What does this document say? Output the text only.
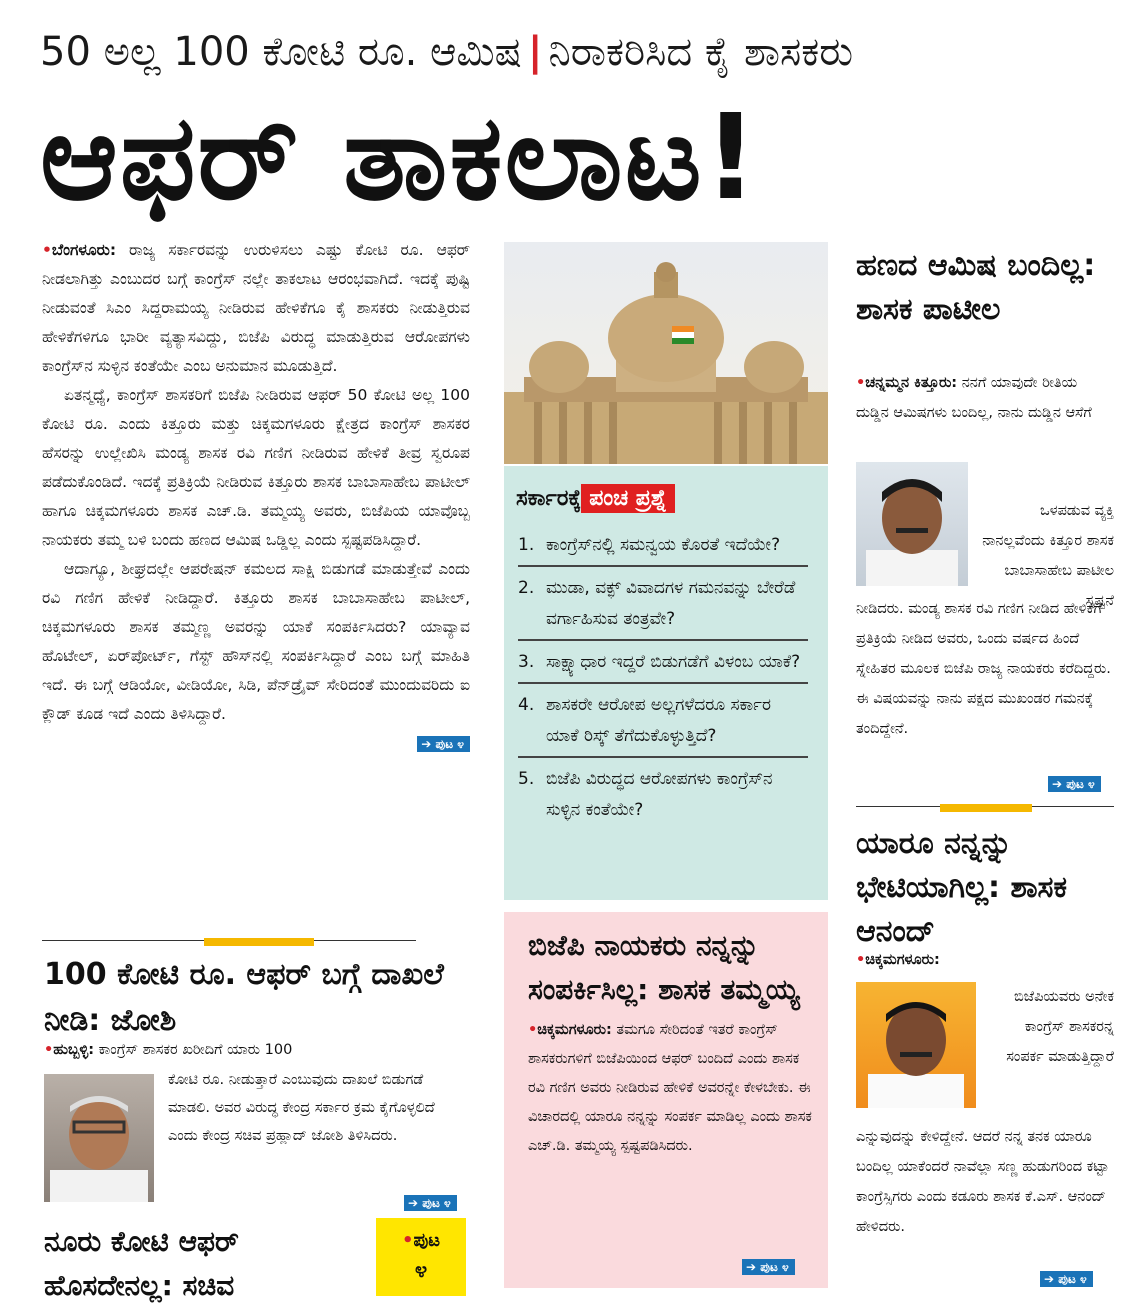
50 ಅಲ್ಲ 100 ಕೋಟಿ ರೂ. ಆಮಿಷ | ನಿರಾಕರಿಸಿದ ಕೈ ಶಾಸಕರು
ಆಫರ್ ತಾಕಲಾಟ!

•ಬೆಂಗಳೂರು: ರಾಜ್ಯ ಸರ್ಕಾರವನ್ನು ಉರುಳಿಸಲು ಎಷ್ಟು ಕೋಟಿ ರೂ. ಆಫರ್ ನೀಡಲಾಗಿತ್ತು ಎಂಬುದರ ಬಗ್ಗೆ ಕಾಂಗ್ರೆಸ್ ನಲ್ಲೇ ತಾಕಲಾಟ ಆರಂಭವಾಗಿದೆ. ಇದಕ್ಕೆ ಪುಷ್ಟಿ ನೀಡುವಂತೆ ಸಿಎಂ ಸಿದ್ದರಾಮಯ್ಯ ನೀಡಿರುವ ಹೇಳಿಕೆಗೂ ಕೈ ಶಾಸಕರು ನೀಡುತ್ತಿರುವ ಹೇಳಿಕೆಗಳಿಗೂ ಭಾರೀ ವ್ಯತ್ಯಾಸವಿದ್ದು, ಬಿಜೆಪಿ ವಿರುದ್ಧ ಮಾಡುತ್ತಿರುವ ಆರೋಪಗಳು ಕಾಂಗ್ರೆಸ್‌ನ ಸುಳ್ಳಿನ ಕಂತೆಯೇ ಎಂಬ ಅನುಮಾನ ಮೂಡುತ್ತಿದೆ.

ಏತನ್ಮಧ್ಯೆ, ಕಾಂಗ್ರೆಸ್ ಶಾಸಕರಿಗೆ ಬಿಜೆಪಿ ನೀಡಿರುವ ಆಫರ್ 50 ಕೋಟಿ ಅಲ್ಲ 100 ಕೋಟಿ ರೂ. ಎಂದು ಕಿತ್ತೂರು ಮತ್ತು ಚಿಕ್ಕಮಗಳೂರು ಕ್ಷೇತ್ರದ ಕಾಂಗ್ರೆಸ್ ಶಾಸಕರ ಹೆಸರನ್ನು ಉಲ್ಲೇಖಿಸಿ ಮಂಡ್ಯ ಶಾಸಕ ರವಿ ಗಣಿಗ ನೀಡಿರುವ ಹೇಳಿಕೆ ತೀವ್ರ ಸ್ವರೂಪ ಪಡೆದುಕೊಂಡಿದೆ. ಇದಕ್ಕೆ ಪ್ರತಿಕ್ರಿಯೆ ನೀಡಿರುವ ಕಿತ್ತೂರು ಶಾಸಕ ಬಾಬಾಸಾಹೇಬ ಪಾಟೀಲ್ ಹಾಗೂ ಚಿಕ್ಕಮಗಳೂರು ಶಾಸಕ ಎಚ್.ಡಿ. ತಮ್ಮಯ್ಯ ಅವರು, ಬಿಜೆಪಿಯ ಯಾವೊಬ್ಬ ನಾಯಕರು ತಮ್ಮ ಬಳಿ ಬಂದು ಹಣದ ಆಮಿಷ ಒಡ್ಡಿಲ್ಲ ಎಂದು ಸ್ಪಷ್ಟಪಡಿಸಿದ್ದಾರೆ.

ಆದಾಗ್ಯೂ, ಶೀಘ್ರದಲ್ಲೇ ಆಪರೇಷನ್ ಕಮಲದ ಸಾಕ್ಷಿ ಬಿಡುಗಡೆ ಮಾಡುತ್ತೇವೆ ಎಂದು ರವಿ ಗಣಿಗ ಹೇಳಿಕೆ ನೀಡಿದ್ದಾರೆ. ಕಿತ್ತೂರು ಶಾಸಕ ಬಾಬಾಸಾಹೇಬ ಪಾಟೀಲ್, ಚಿಕ್ಕಮಗಳೂರು ಶಾಸಕ ತಮ್ಮಣ್ಣ ಅವರನ್ನು ಯಾಕೆ ಸಂಪರ್ಕಿಸಿದರು? ಯಾವ್ಯಾವ ಹೊಟೇಲ್, ಏರ್‌ಪೋರ್ಟ್, ಗೆಸ್ಟ್ ಹೌಸ್‌ನಲ್ಲಿ ಸಂಪರ್ಕಿಸಿದ್ದಾರೆ ಎಂಬ ಬಗ್ಗೆ ಮಾಹಿತಿ ಇದೆ. ಈ ಬಗ್ಗೆ ಆಡಿಯೋ, ವೀಡಿಯೋ, ಸಿಡಿ, ಪೆನ್‌ಡ್ರೈವ್ ಸೇರಿದಂತೆ ಮುಂದುವರಿದು ಐ ಕ್ಲೌಡ್ ಕೂಡ ಇದೆ ಎಂದು ತಿಳಿಸಿದ್ದಾರೆ.

➔ ಪುಟ ೪
ಸರ್ಕಾರಕ್ಕೆ ಪಂಚ ಪ್ರಶ್ನೆ
1. ಕಾಂಗ್ರೆಸ್‌ನಲ್ಲಿ ಸಮನ್ವಯ ಕೊರತೆ ಇದೆಯೇ?
2. ಮುಡಾ, ವಕ್ಫ್ ವಿವಾದಗಳ ಗಮನವನ್ನು ಬೇರೆಡೆ ವರ್ಗಾಹಿಸುವ ತಂತ್ರವೇ?
3. ಸಾಕ್ಷ್ಯಾಧಾರ ಇದ್ದರೆ ಬಿಡುಗಡೆಗೆ ವಿಳಂಬ ಯಾಕೆ?
4. ಶಾಸಕರೇ ಆರೋಪ ಅಲ್ಲಗಳೆದರೂ ಸರ್ಕಾರ ಯಾಕೆ ರಿಸ್ಕ್ ತೆಗೆದುಕೊಳ್ಳುತ್ತಿದೆ?
5. ಬಿಜೆಪಿ ವಿರುದ್ಧದ ಆರೋಪಗಳು ಕಾಂಗ್ರೆಸ್‌ನ ಸುಳ್ಳಿನ ಕಂತೆಯೇ?
ಹಣದ ಆಮಿಷ ಬಂದಿಲ್ಲ: ಶಾಸಕ ಪಾಟೀಲ
•ಚನ್ನಮ್ಮನ ಕಿತ್ತೂರು: ನನಗೆ ಯಾವುದೇ ರೀತಿಯ ದುಡ್ಡಿನ ಆಮಿಷಗಳು ಬಂದಿಲ್ಲ, ನಾನು ದುಡ್ಡಿನ ಆಸೆಗೆ
ಒಳಪಡುವ ವ್ಯಕ್ತಿ ನಾನಲ್ಲವೆಂದು ಕಿತ್ತೂರ ಶಾಸಕ ಬಾಬಾಸಾಹೇಬ ಪಾಟೀಲ ಸ್ಪಷ್ಟನೆ
ನೀಡಿದರು. ಮಂಡ್ಯ ಶಾಸಕ ರವಿ ಗಣಿಗ ನೀಡಿದ ಹೇಳಿಕೆಗೆ ಪ್ರತಿಕ್ರಿಯೆ ನೀಡಿದ ಅವರು, ಒಂದು ವರ್ಷದ ಹಿಂದೆ ಸ್ನೇಹಿತರ ಮೂಲಕ ಬಿಜೆಪಿ ರಾಜ್ಯ ನಾಯಕರು ಕರೆದಿದ್ದರು. ಈ ವಿಷಯವನ್ನು ನಾನು ಪಕ್ಷದ ಮುಖಂಡರ ಗಮನಕ್ಕೆ ತಂದಿದ್ದೇನೆ.
➔ ಪುಟ ೪
ಯಾರೂ ನನ್ನನ್ನು ಭೇಟಿಯಾಗಿಲ್ಲ: ಶಾಸಕ ಆನಂದ್
•ಚಿಕ್ಕಮಗಳೂರು:
ಬಿಜೆಪಿಯವರು ಅನೇಕ ಕಾಂಗ್ರೆಸ್ ಶಾಸಕರನ್ನ ಸಂಪರ್ಕ ಮಾಡುತ್ತಿದ್ದಾರೆ
ಎನ್ನುವುದನ್ನು ಕೇಳಿದ್ದೇನೆ. ಆದರೆ ನನ್ನ ತನಕ ಯಾರೂ ಬಂದಿಲ್ಲ ಯಾಕೆಂದರೆ ನಾವೆಲ್ಲಾ ಸಣ್ಣ ಹುಡುಗರಿಂದ ಕಟ್ಟಾ ಕಾಂಗ್ರೆಸ್ಸಿಗರು ಎಂದು ಕಡೂರು ಶಾಸಕ ಕೆ.ಎಸ್. ಆನಂದ್ ಹೇಳಿದರು.
➔ ಪುಟ ೪
100 ಕೋಟಿ ರೂ. ಆಫರ್ ಬಗ್ಗೆ ದಾಖಲೆ ನೀಡಿ: ಜೋಶಿ
•ಹುಬ್ಬಳ್ಳಿ: ಕಾಂಗ್ರೆಸ್ ಶಾಸಕರ ಖರೀದಿಗೆ ಯಾರು 100
ಕೋಟಿ ರೂ. ನೀಡುತ್ತಾರೆ ಎಂಬುವುದು ದಾಖಲೆ ಬಿಡುಗಡೆ ಮಾಡಲಿ. ಅವರ ವಿರುದ್ಧ ಕೇಂದ್ರ ಸರ್ಕಾರ ಕ್ರಮ ಕೈಗೊಳ್ಳಲಿದೆ ಎಂದು ಕೇಂದ್ರ ಸಚಿವ ಪ್ರಹ್ಲಾದ್ ಜೋಶಿ ತಿಳಿಸಿದರು.
➔ ಪುಟ ೪
ಬಿಜೆಪಿ ನಾಯಕರು ನನ್ನನ್ನು ಸಂಪರ್ಕಿಸಿಲ್ಲ: ಶಾಸಕ ತಮ್ಮಯ್ಯ
•ಚಿಕ್ಕಮಗಳೂರು: ತಮಗೂ ಸೇರಿದಂತೆ ಇತರೆ ಕಾಂಗ್ರೆಸ್ ಶಾಸಕರುಗಳಿಗೆ ಬಿಜೆಪಿಯಿಂದ ಆಫರ್ ಬಂದಿದೆ ಎಂದು ಶಾಸಕ ರವಿ ಗಣಿಗ ಅವರು ನೀಡಿರುವ ಹೇಳಿಕೆ ಅವರನ್ನೇ ಕೇಳಬೇಕು. ಈ ವಿಚಾರದಲ್ಲಿ ಯಾರೂ ನನ್ನನ್ನು ಸಂಪರ್ಕ ಮಾಡಿಲ್ಲ ಎಂದು ಶಾಸಕ ಎಚ್.ಡಿ. ತಮ್ಮಯ್ಯ ಸ್ಪಷ್ಟಪಡಿಸಿದರು.
➔ ಪುಟ ೪
ನೂರು ಕೋಟಿ ಆಫರ್ ಹೊಸದೇನಲ್ಲ: ಸಚಿವ
•ಪುಟ
೪
